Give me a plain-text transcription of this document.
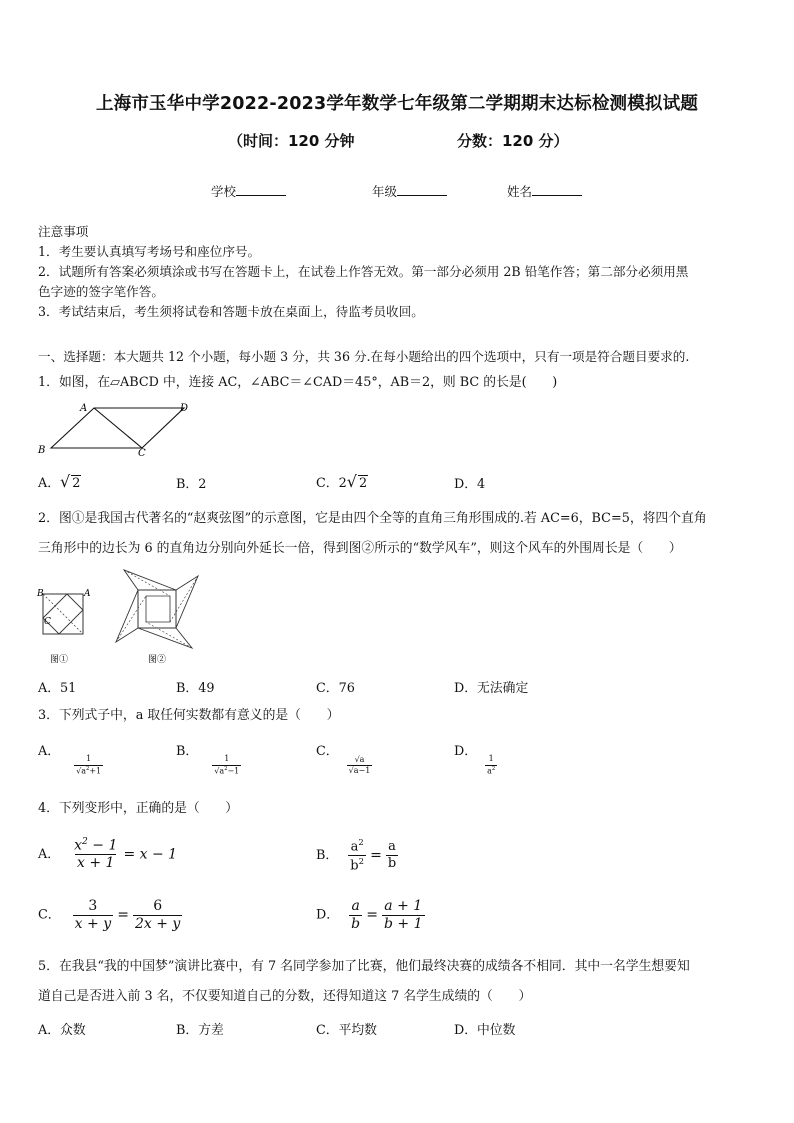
上海市玉华中学2022-2023学年数学七年级第二学期期末达标检测模拟试题
（时间：120 分钟	分数：120 分）
学校	年级	姓名
注意事项
1．考生要认真填写考场号和座位序号。
2．试题所有答案必须填涂或书写在答题卡上，在试卷上作答无效。第一部分必须用 2B 铅笔作答；第二部分必须用黑
色字迹的签字笔作答。
3．考试结束后，考生须将试卷和答题卡放在桌面上，待监考员收回。
一、选择题：本大题共 12 个小题，每小题 3 分，共 36 分.在每小题给出的四个选项中，只有一项是符合题目要求的.
1．如图，在▱ABCD 中，连接 AC，∠ABC＝∠CAD＝45°，AB＝2，则 BC 的长是(　　)
A	D
B	C
A．√ 2	B．2	C．2√ 2	D．4
2．图①是我国古代著名的“赵爽弦图”的示意图，它是由四个全等的直角三角形围成的.若 AC=6，BC=5，将四个直角
三角形中的边长为 6 的直角边分别向外延长一倍，得到图②所示的“数学风车”，则这个风车的外围周长是（　　）
B	A
C
图①	图②
A．51	B．49	C．76	D．无法确定
3．下列式子中，a 取任何实数都有意义的是（　　）
A．
$\frac{1}{√a^2+1}$
B．
$\frac{1}{√a^2-1}$
C．
$\frac{√a}{√a-1}$
D．
$\frac{1}{a^2}$
4．下列变形中，正确的是（　　）
A． $\frac{x^2 - 1}{x + 1} = x - 1$	B． $\frac{a^2}{b^2} = \frac{a}{b}$
C． $\frac{3}{x + y} = \frac{6}{2x + y}$	D． $\frac{a}{b} = \frac{a + 1}{b + 1}$
5．在我县“我的中国梦”演讲比赛中，有 7 名同学参加了比赛，他们最终决赛的成绩各不相同．其中一名学生想要知
道自己是否进入前 3 名，不仅要知道自己的分数，还得知道这 7 名学生成绩的（　　）
A．众数	B．方差	C．平均数	D．中位数
